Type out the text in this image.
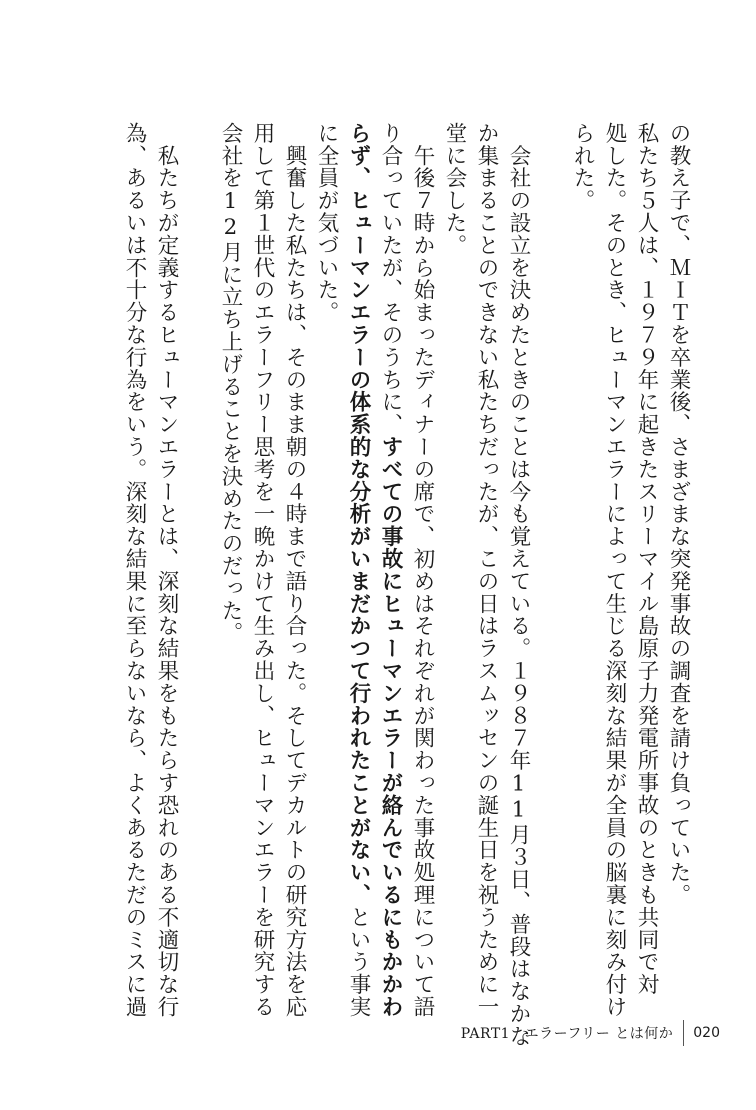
の教え子で、ＭＩＴを卒業後、さまざまな突発事故の調査を請け負っていた。
私たち５人は、１９７９年に起きたスリーマイル島原子力発電所事故のときも共同で対
処した。そのとき、ヒューマンエラーによって生じる深刻な結果が全員の脳裏に刻み付け
られた。
　会社の設立を決めたときのことは今も覚えている。１９８７年11月３日、普段はなかな
か集まることのできない私たちだったが、この日はラスムッセンの誕生日を祝うために一
堂に会した。
　午後７時から始まったディナーの席で、初めはそれぞれが関わった事故処理について語
り合っていたが、そのうちに、すべての事故にヒューマンエラーが絡んでいるにもかかわ
らず、ヒューマンエラーの体系的な分析がいまだかつて行われたことがない、という事実
に全員が気づいた。
　興奮した私たちは、そのまま朝の４時まで語り合った。そしてデカルトの研究方法を応
用して第１世代のエラーフリー思考を一晩かけて生み出し、ヒューマンエラーを研究する
会社を12月に立ち上げることを決めたのだった。
　私たちが定義するヒューマンエラーとは、深刻な結果をもたらす恐れのある不適切な行
為、あるいは不十分な行為をいう。深刻な結果に至らないなら、よくあるただのミスに過
PART1　エラーフリー とは何か 020
